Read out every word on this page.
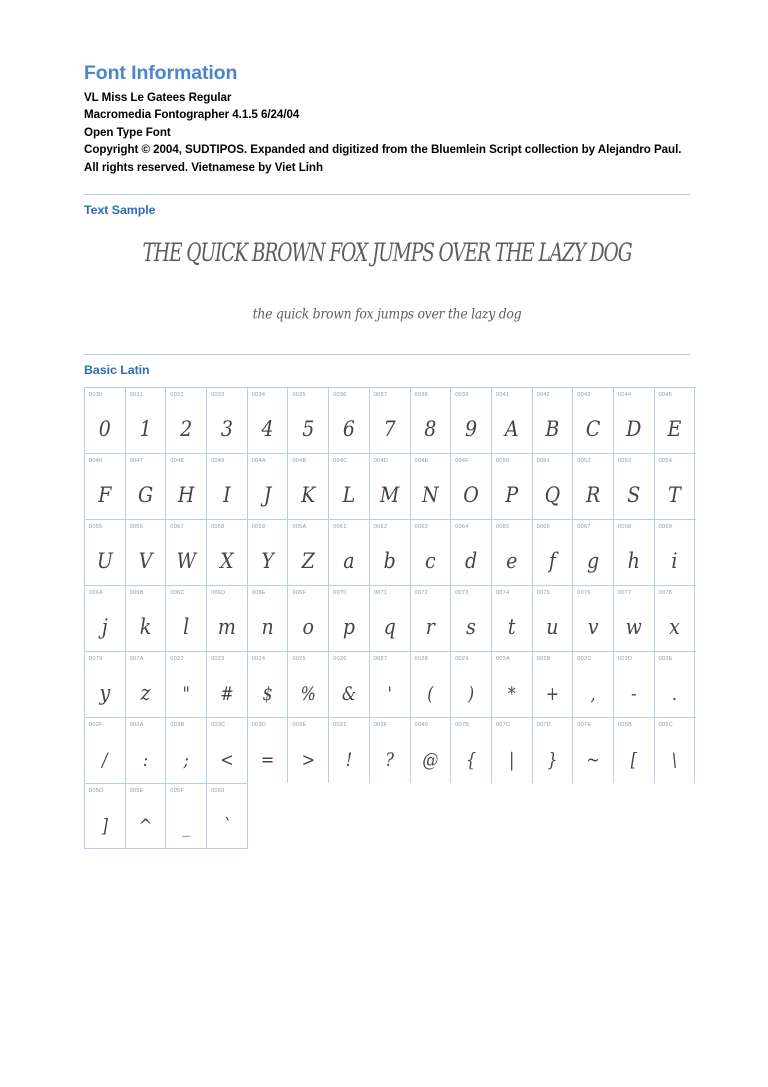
Font Information

VL Miss Le Gatees Regular

Macromedia Fontographer 4.1.5 6/24/04

Open Type Font

Copyright © 2004, SUDTIPOS. Expanded and digitized from the Bluemlein Script collection by Alejandro Paul. All rights reserved. Vietnamese by Viet Linh

Text Sample
THE QUICK BROWN FOX JUMPS OVER THE LAZY DOG
the quick brown fox jumps over the lazy dog
Basic Latin
0030
0
0031
1
0032
2
0033
3
0034
4
0035
5
0036
6
0037
7
0038
8
0039
9
0041
A
0042
B
0043
C
0044
D
0045
E
0046
F
0047
G
0048
H
0049
I
004A
J
004B
K
004C
L
004D
M
004E
N
004F
O
0050
P
0051
Q
0052
R
0053
S
0054
T
0055
U
0056
V
0057
W
0058
X
0059
Y
005A
Z
0061
a
0062
b
0063
c
0064
d
0065
e
0066
f
0067
g
0068
h
0069
i
006A
j
006B
k
006C
l
006D
m
006E
n
006F
o
0070
p
0071
q
0072
r
0073
s
0074
t
0075
u
0076
v
0077
w
0078
x
0079
y
007A
z
0022
"
0023
#
0024
$
0025
%
0026
&
0027
'
0028
(
0029
)
002A
*
002B
+
002C
,
002D
-
002E
.
002F
/
003A
:
003B
;
003C
<
003D
=
003E
>
0021
!
003F
?
0040
@
007B
{
007C
|
007D
}
007E
~
005B
[
005C
\
005D
]
005E
^
005F
_
0060
`
